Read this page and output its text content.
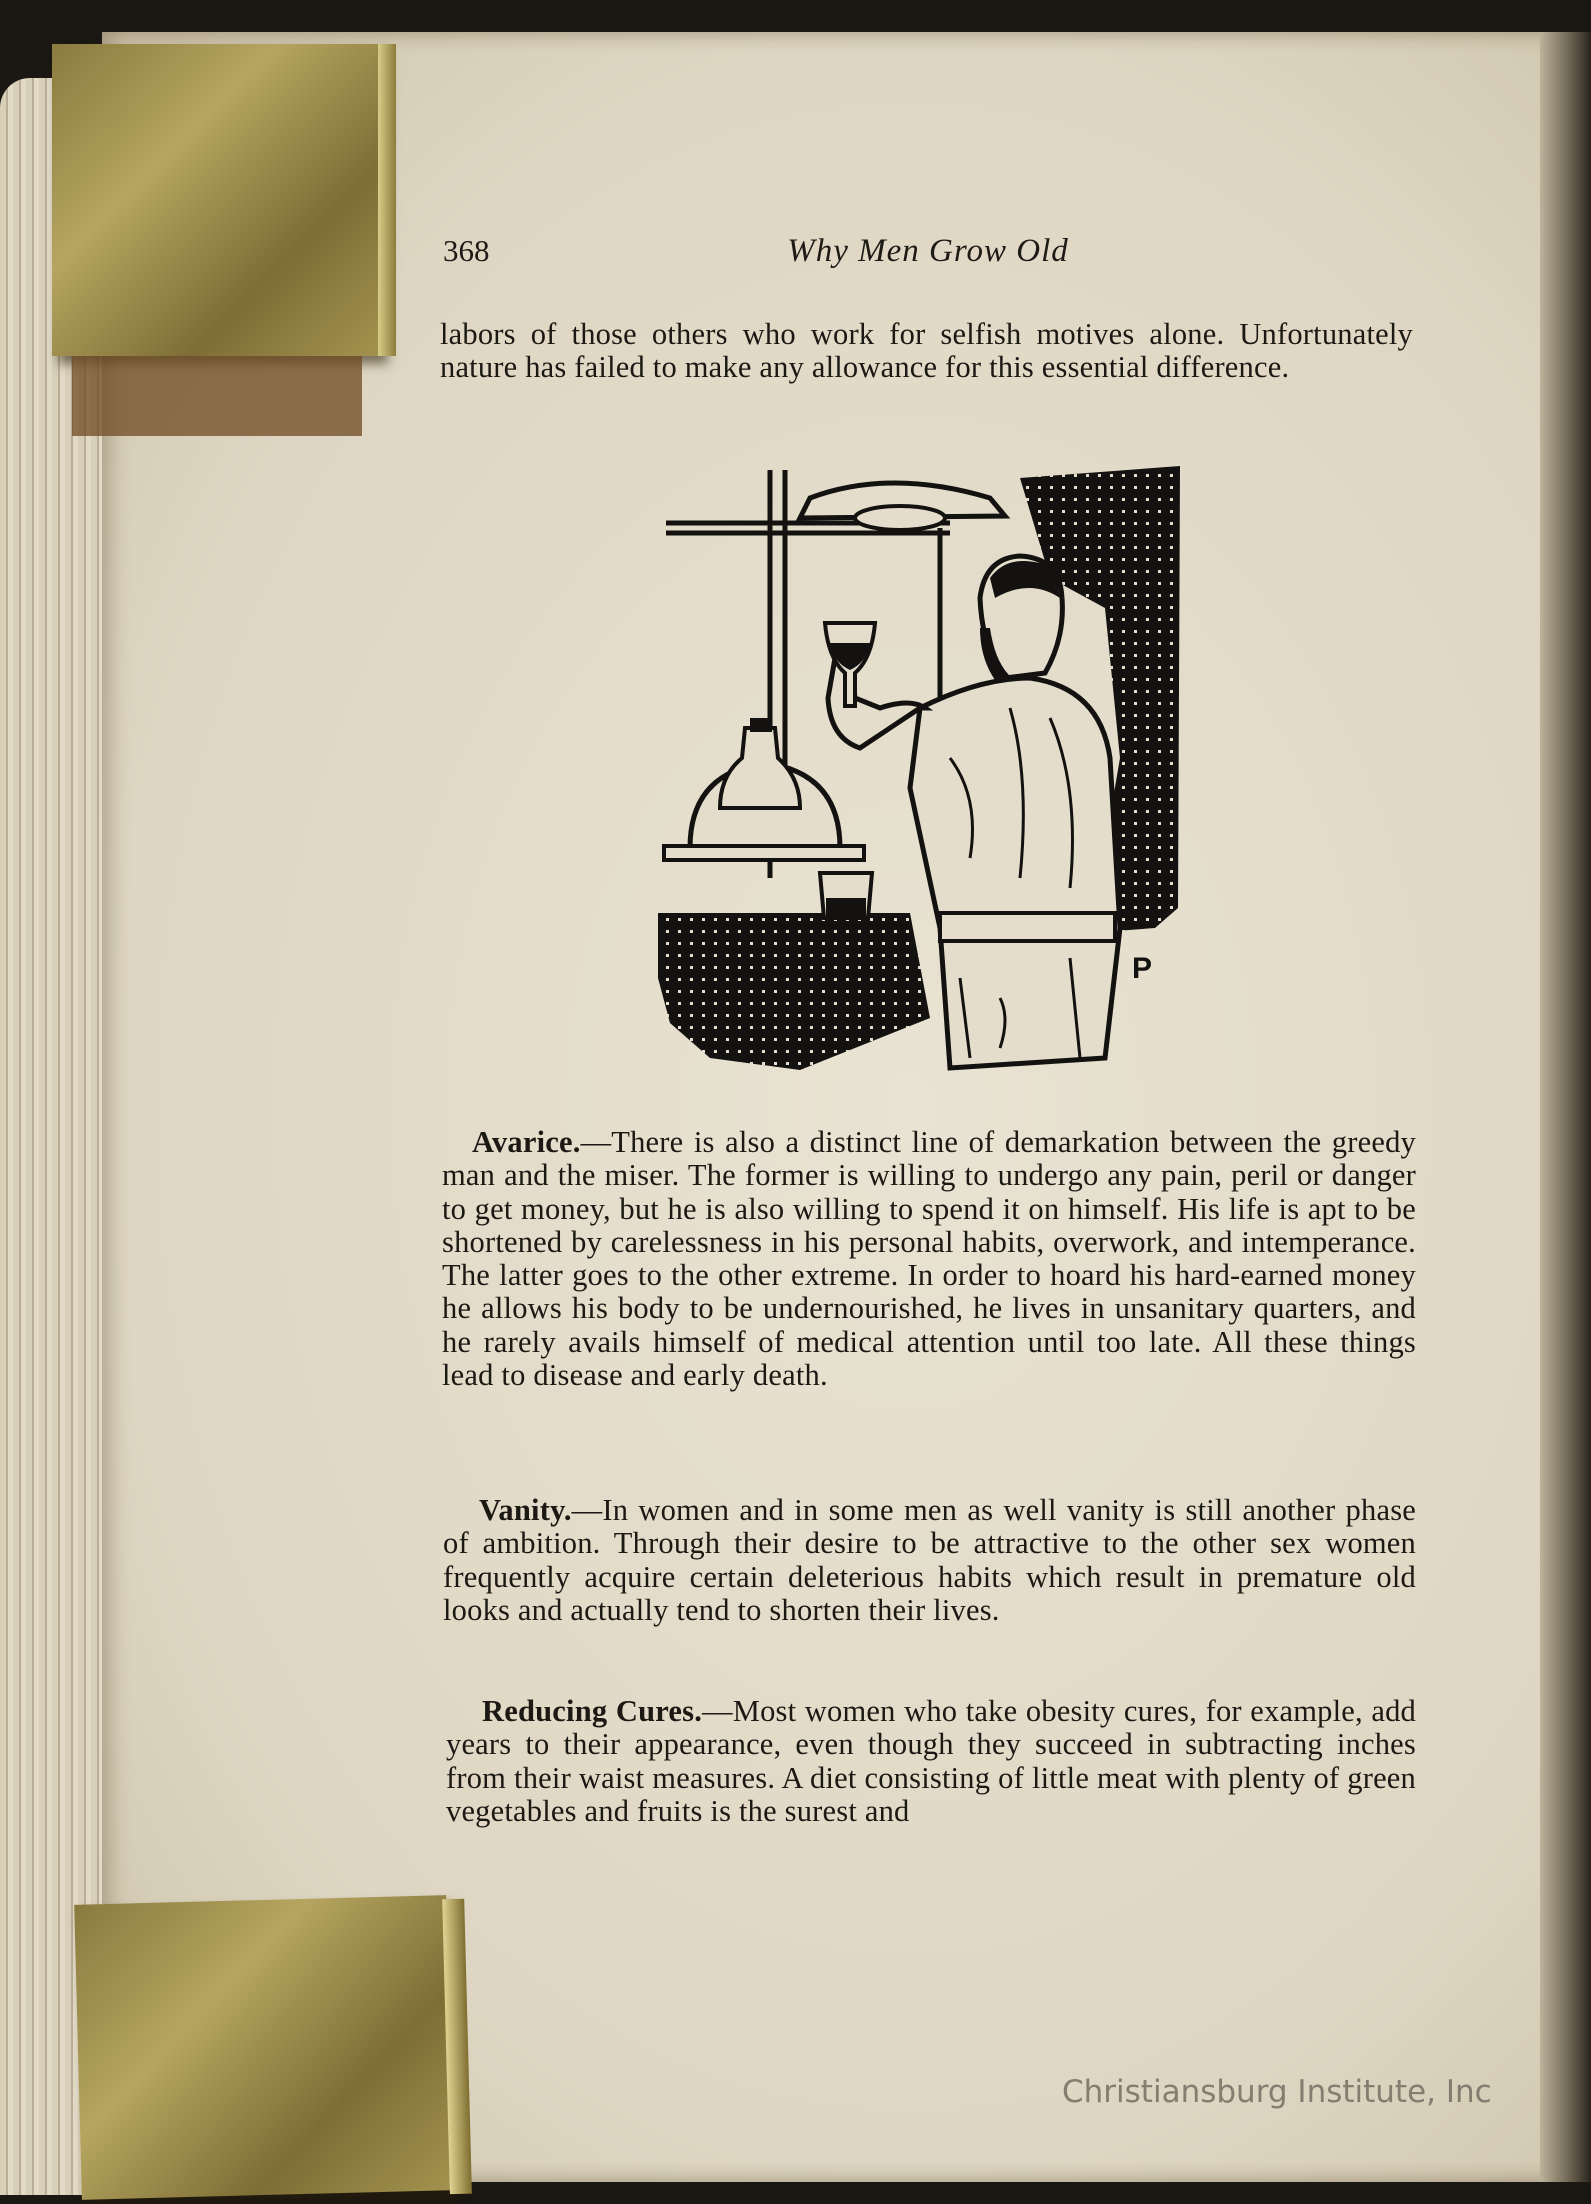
368	Why Men Grow Old

labors of those others who work for selfish motives alone. Unfortunately nature has failed to make any allowance for this essential difference.

P

Avarice.—There is also a distinct line of demarkation between the greedy man and the miser. The former is willing to undergo any pain, peril or danger to get money, but he is also willing to spend it on himself. His life is apt to be shortened by carelessness in his personal habits, overwork, and intemperance. The latter goes to the other extreme. In order to hoard his hard-earned money he allows his body to be undernourished, he lives in unsanitary quarters, and he rarely avails himself of medical attention until too late. All these things lead to disease and early death.

Vanity.—In women and in some men as well vanity is still another phase of ambition. Through their desire to be attractive to the other sex women frequently acquire certain deleterious habits which result in premature old looks and actually tend to shorten their lives.

Reducing Cures.—Most women who take obesity cures, for example, add years to their appearance, even though they succeed in subtracting inches from their waist measures. A diet consisting of little meat with plenty of green vegetables and fruits is the surest and

Christiansburg Institute, Inc
